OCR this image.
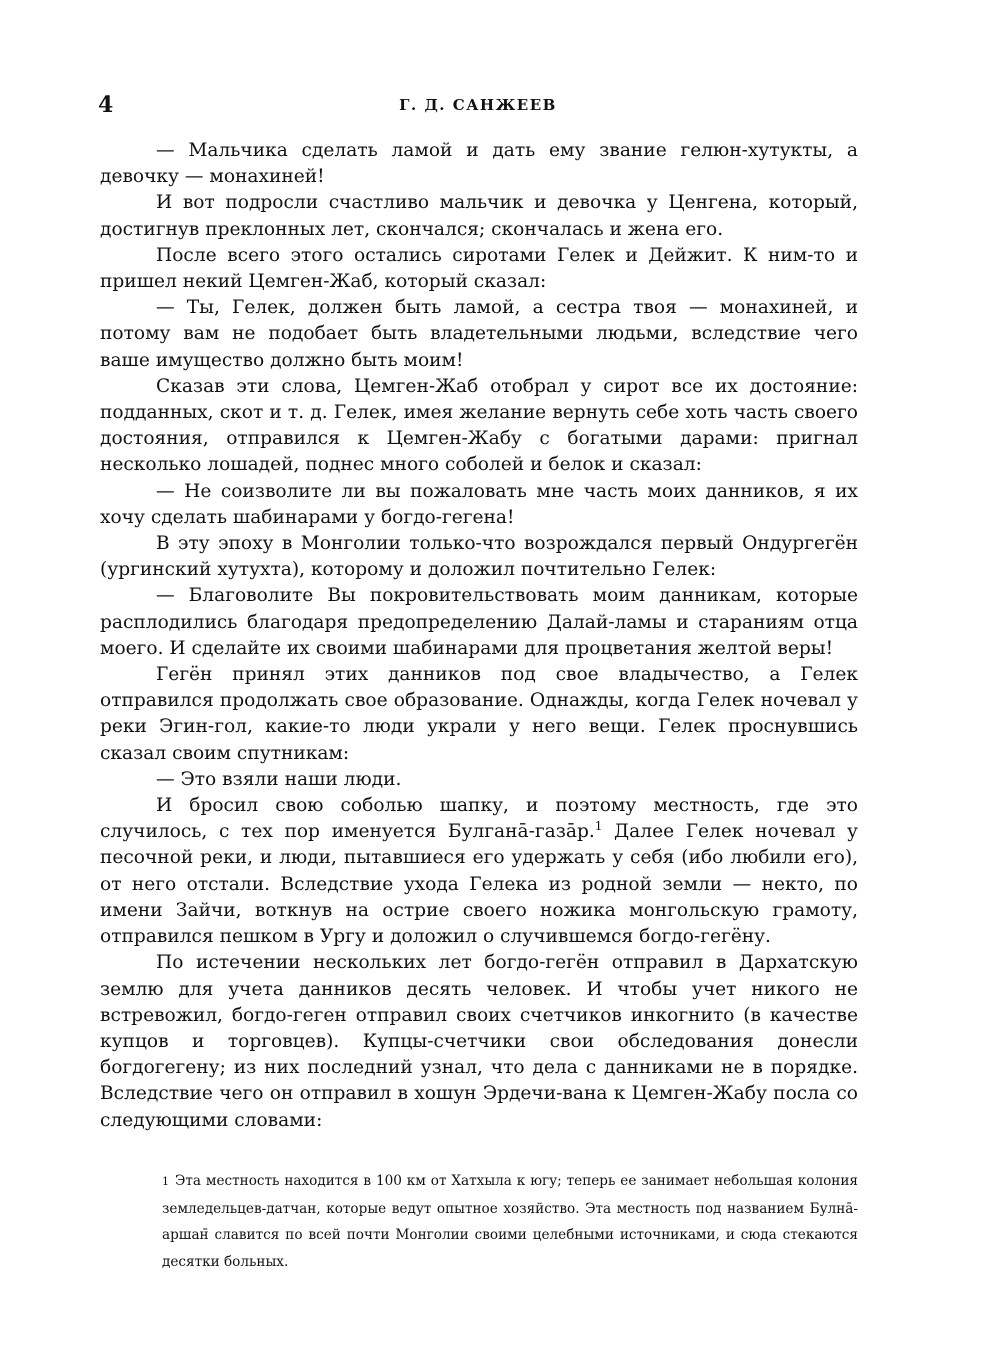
4	Г. Д. САНЖЕЕВ

— Мальчика сделать ламой и дать ему звание гелюн-хутукты, а девочку — монахиней!

И вот подросли счастливо мальчик и девочка у Ценгена, который, достигнув преклонных лет, скончался; скончалась и жена его.

После всего этого остались сиротами Гелек и Дейжит. К ним-то и пришел некий Цемген-Жаб, который сказал:

— Ты, Гелек, должен быть ламой, а сестра твоя — монахиней, и потому вам не подобает быть владетельными людьми, вследствие чего ваше имущество должно быть моим!

Сказав эти слова, Цемген-Жаб отобрал у сирот все их достояние: подданных, скот и т. д. Гелек, имея желание вернуть себе хоть часть своего достояния, отправился к Цемген-Жабу с богатыми дарами: пригнал несколько лошадей, поднес много соболей и белок и сказал:

— Не соизволите ли вы пожаловать мне часть моих данников, я их хочу сделать шабинарами у богдо-гегена!

В эту эпоху в Монголии только-что возрождался первый Ондургегён (ургинский хутухта), которому и доложил почтительно Гелек:

— Благоволите Вы покровительствовать моим данникам, которые расплодились благодаря предопределению Далай-ламы и стараниям отца моего. И сделайте их своими шабинарами для процветания желтой веры!

Гегён принял этих данников под свое владычество, а Гелек отправился продолжать свое образование. Однажды, когда Гелек ночевал у реки Эгин-гол, какие-то люди украли у него вещи. Гелек проснувшись сказал своим спутникам:

— Это взяли наши люди.

И бросил свою соболью шапку, и поэтому местность, где это случилось, с тех пор именуется Булгана̄-газа̄р.$^1$ Далее Гелек ночевал у песочной реки, и люди, пытавшиеся его удержать у себя (ибо любили его), от него отстали. Вследствие ухода Гелека из родной земли — некто, по имени Зайчи, воткнув на острие своего ножика монгольскую грамоту, отправился пешком в Ургу и доложил о случившемся богдо-гегёну.

По истечении нескольких лет богдо-гегён отправил в Дархатскую землю для учета данников десять человек. И чтобы учет никого не встревожил, богдо-геген отправил своих счетчиков инкогнито (в качестве купцов и торговцев). Купцы-счетчики свои обследования донесли богдогегену; из них последний узнал, что дела с данниками не в порядке. Вследствие чего он отправил в хошун Эрдечи-вана к Цемген-Жабу посла со следующими словами:

1 Эта местность находится в 100 км от Хатхыла к югу; теперь ее занимает небольшая колония земледельцев-датчан, которые ведут опытное хозяйство. Эта местность под названием Булна̄-аршан̄ славится по всей почти Монголии своими целебными источниками, и сюда стекаются десятки больных.
